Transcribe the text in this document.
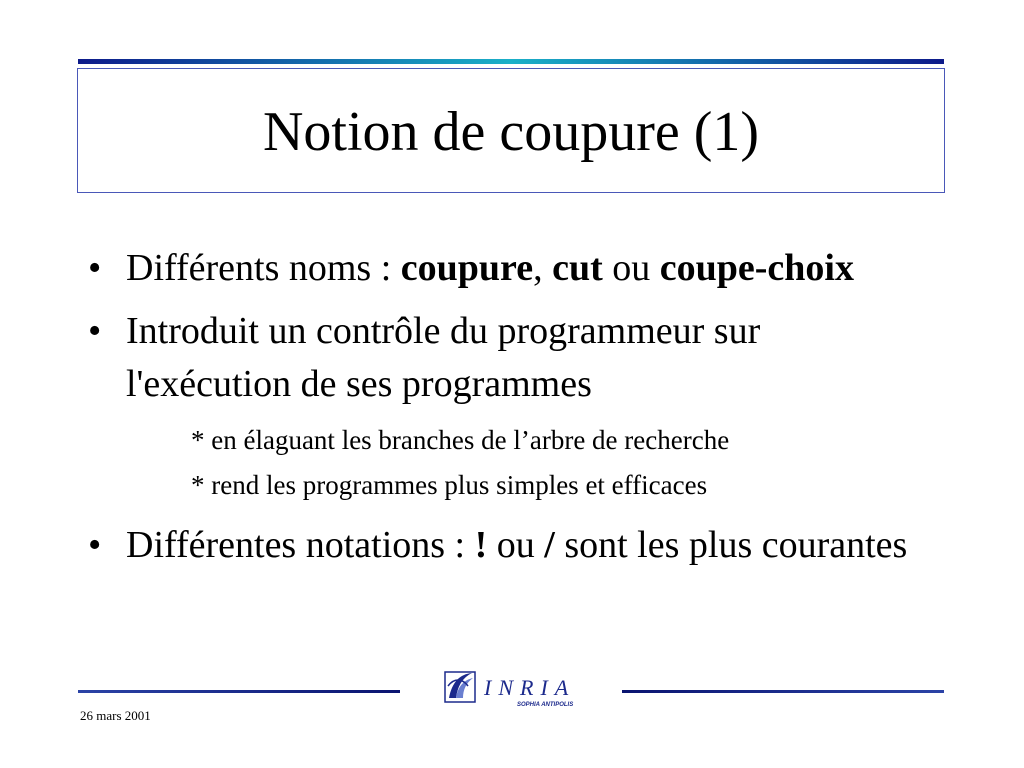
Notion de coupure (1)
• Différents noms : coupure, cut ou coupe-choix
• Introduit un contrôle du programmeur sur l'exécution de ses programmes
* en élaguant les branches de l’arbre de recherche
* rend les programmes plus simples et efficaces
• Différentes notations : ! ou / sont les plus courantes
INRIA
SOPHIA ANTIPOLIS
26 mars 2001
